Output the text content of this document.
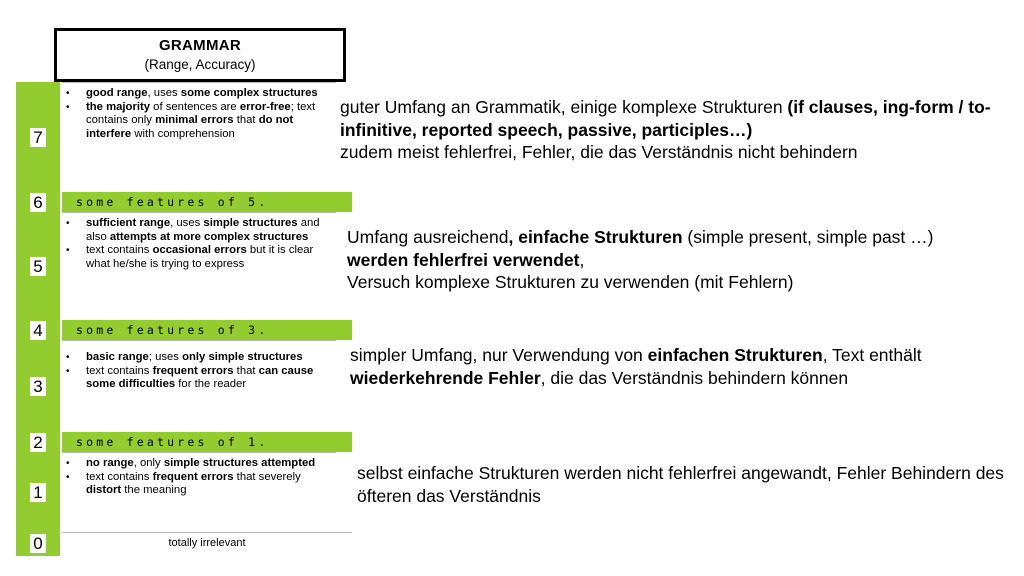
GRAMMAR
(Range, Accuracy)
7
6
5
4
3
2
1
0
• good range, uses some complex structures
• the majority of sentences are error-free; text contains only minimal errors that do not interfere with comprehension
some features of 5.
• sufficient range, uses simple structures and also attempts at more complex structures
• text contains occasional errors but it is clear what he/she is trying to express
some features of 3.
• basic range; uses only simple structures
• text contains frequent errors that can cause some difficulties for the reader
some features of 1.
• no range, only simple structures attempted
• text contains frequent errors that severely distort the meaning
totally irrelevant
guter Umfang an Grammatik, einige komplexe Strukturen (if clauses, ing-form / to-infinitive, reported speech, passive, participles…)
zudem meist fehlerfrei, Fehler, die das Verständnis nicht behindern
Umfang ausreichend, einfache Strukturen (simple present, simple past …) werden fehlerfrei verwendet,
Versuch komplexe Strukturen zu verwenden (mit Fehlern)
simpler Umfang, nur Verwendung von einfachen Strukturen, Text enthält wiederkehrende Fehler, die das Verständnis behindern können
selbst einfache Strukturen werden nicht fehlerfrei angewandt, Fehler Behindern des öfteren das Verständnis
